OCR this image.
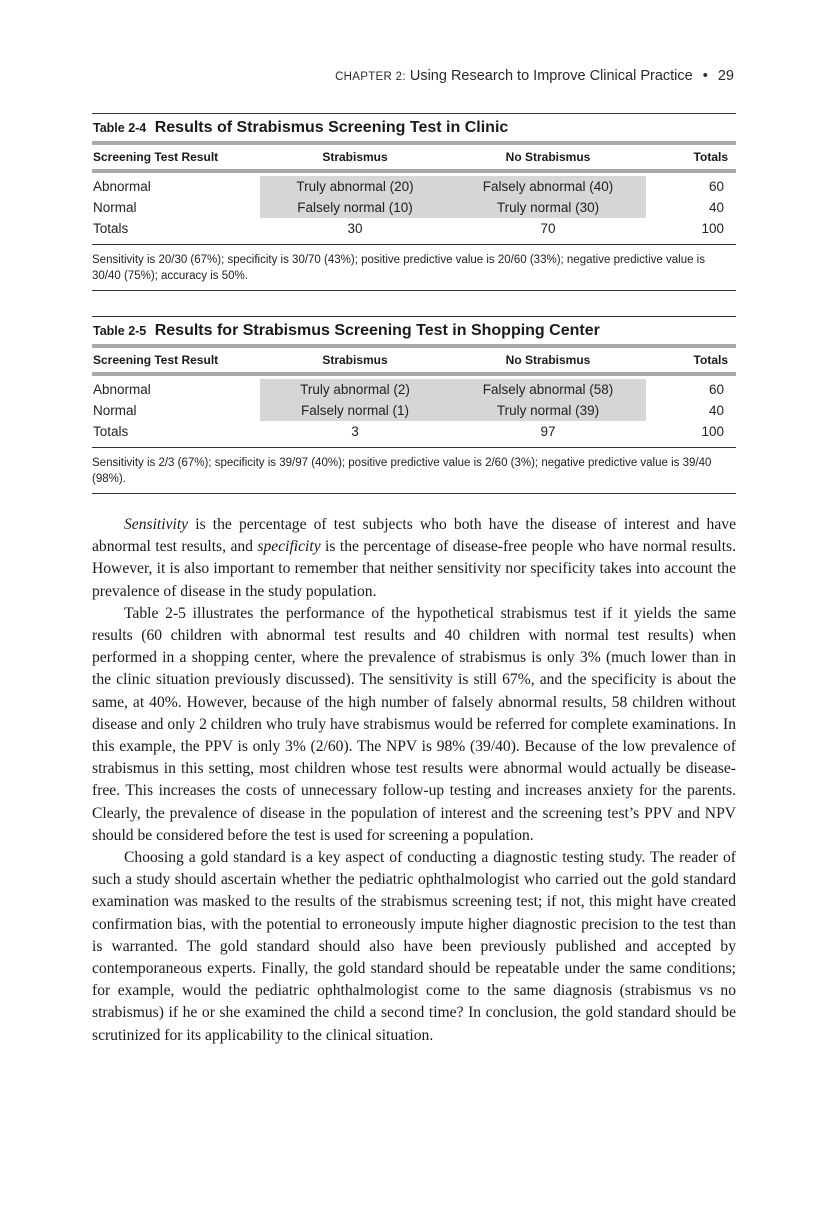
CHAPTER 2: Using Research to Improve Clinical Practice • 29
Table 2-4 Results of Strabismus Screening Test in Clinic
Screening Test Result	Strabismus	No Strabismus	Totals
Abnormal	Truly abnormal (20)	Falsely abnormal (40)	60
Normal	Falsely normal (10)	Truly normal (30)	40
Totals	30	70	100
Sensitivity is 20/30 (67%); specificity is 30/70 (43%); positive predictive value is 20/60 (33%); negative predictive value is 30/40 (75%); accuracy is 50%.
Table 2-5 Results for Strabismus Screening Test in Shopping Center
Screening Test Result	Strabismus	No Strabismus	Totals
Abnormal	Truly abnormal (2)	Falsely abnormal (58)	60
Normal	Falsely normal (1)	Truly normal (39)	40
Totals	3	97	100
Sensitivity is 2/3 (67%); specificity is 39/97 (40%); positive predictive value is 2/60 (3%); negative predictive value is 39/40 (98%).

Sensitivity is the percentage of test subjects who both have the disease of interest and have abnormal test results, and specificity is the percentage of disease-free people who have normal results. However, it is also important to remember that neither sensitivity nor specificity takes into account the prevalence of disease in the study population.

Table 2-5 illustrates the performance of the hypothetical strabismus test if it yields the same results (60 children with abnormal test results and 40 children with normal test results) when performed in a shopping center, where the prevalence of strabismus is only 3% (much lower than in the clinic situation previously discussed). The sensitivity is still 67%, and the specificity is about the same, at 40%. However, because of the high number of falsely abnormal results, 58 children without disease and only 2 children who truly have strabismus would be referred for complete examinations. In this example, the PPV is only 3% (2/60). The NPV is 98% (39/40). Because of the low prevalence of strabismus in this setting, most children whose test results were abnormal would actually be disease-free. This increases the costs of unnecessary follow-up testing and increases anxiety for the parents. Clearly, the prevalence of disease in the population of interest and the screening test’s PPV and NPV should be considered before the test is used for screening a population.

Choosing a gold standard is a key aspect of conducting a diagnostic testing study. The reader of such a study should ascertain whether the pediatric ophthalmologist who carried out the gold standard examination was masked to the results of the strabismus screening test; if not, this might have created confirmation bias, with the potential to erroneously impute higher diagnostic precision to the test than is warranted. The gold standard should also have been previously published and accepted by contemporaneous experts. Finally, the gold standard should be repeatable under the same conditions; for example, would the pediatric ophthalmologist come to the same diagnosis (strabismus vs no strabismus) if he or she examined the child a second time? In conclusion, the gold standard should be scrutinized for its applicability to the clinical situation.
